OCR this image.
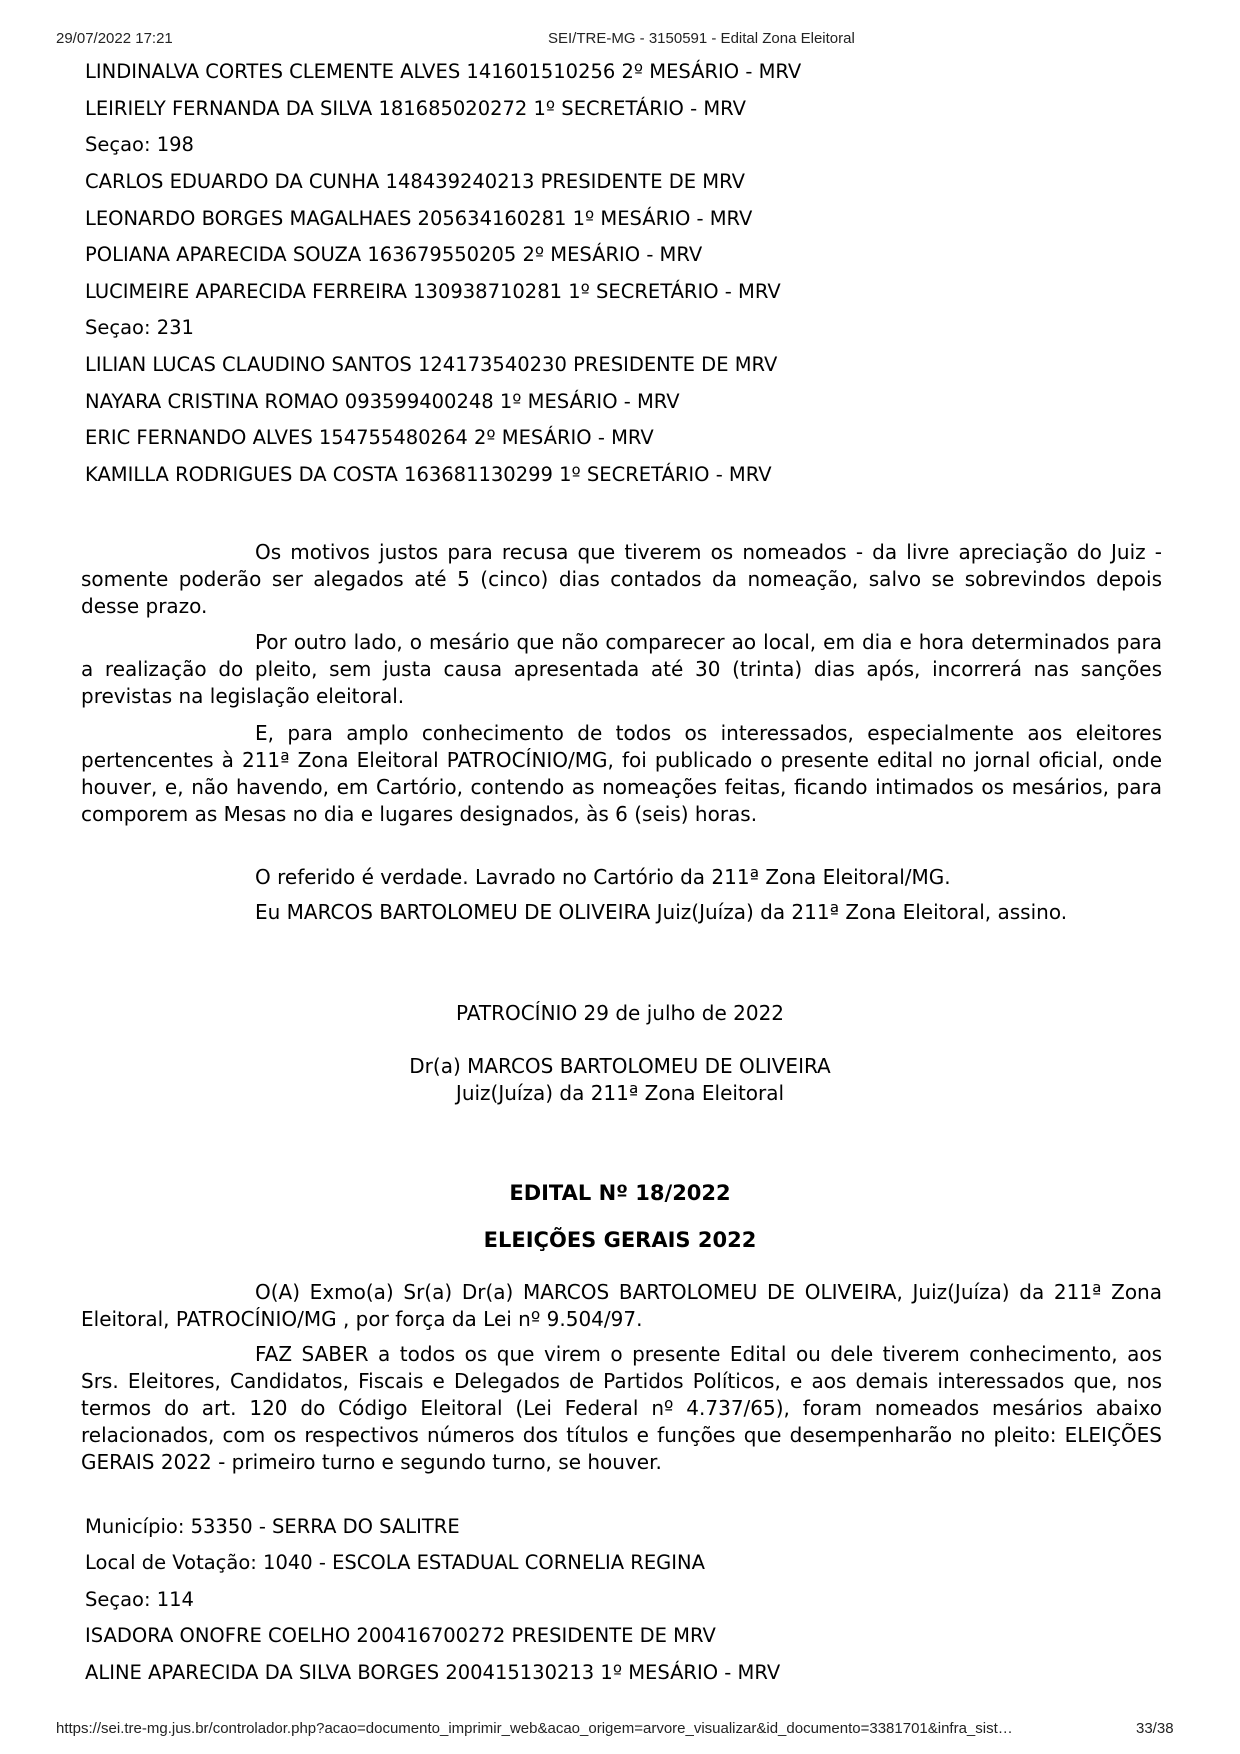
29/07/2022 17:21	SEI/TRE-MG - 3150591 - Edital Zona Eleitoral
LINDINALVA CORTES CLEMENTE ALVES 141601510256 2º MESÁRIO - MRV
LEIRIELY FERNANDA DA SILVA 181685020272 1º SECRETÁRIO - MRV
Seçao: 198
CARLOS EDUARDO DA CUNHA 148439240213 PRESIDENTE DE MRV
LEONARDO BORGES MAGALHAES 205634160281 1º MESÁRIO - MRV
POLIANA APARECIDA SOUZA 163679550205 2º MESÁRIO - MRV
LUCIMEIRE APARECIDA FERREIRA 130938710281 1º SECRETÁRIO - MRV
Seçao: 231
LILIAN LUCAS CLAUDINO SANTOS 124173540230 PRESIDENTE DE MRV
NAYARA CRISTINA ROMAO 093599400248 1º MESÁRIO - MRV
ERIC FERNANDO ALVES 154755480264 2º MESÁRIO - MRV
KAMILLA RODRIGUES DA COSTA 163681130299 1º SECRETÁRIO - MRV

Os motivos justos para recusa que tiverem os nomeados - da livre apreciação do Juiz - somente poderão ser alegados até 5 (cinco) dias contados da nomeação, salvo se sobrevindos depois desse prazo.

Por outro lado, o mesário que não comparecer ao local, em dia e hora determinados para a realização do pleito, sem justa causa apresentada até 30 (trinta) dias após, incorrerá nas sanções previstas na legislação eleitoral.

E, para amplo conhecimento de todos os interessados, especialmente aos eleitores pertencentes à 211ª Zona Eleitoral PATROCÍNIO/MG, foi publicado o presente edital no jornal oficial, onde houver, e, não havendo, em Cartório, contendo as nomeações feitas, ficando intimados os mesários, para comporem as Mesas no dia e lugares designados, às 6 (seis) horas.

O referido é verdade. Lavrado no Cartório da 211ª Zona Eleitoral/MG.

Eu MARCOS BARTOLOMEU DE OLIVEIRA Juiz(Juíza) da 211ª Zona Eleitoral, assino.

PATROCÍNIO 29 de julho de 2022
Dr(a) MARCOS BARTOLOMEU DE OLIVEIRA
Juiz(Juíza) da 211ª Zona Eleitoral
EDITAL Nº 18/2022
ELEIÇÕES GERAIS 2022

O(A) Exmo(a) Sr(a) Dr(a) MARCOS BARTOLOMEU DE OLIVEIRA, Juiz(Juíza) da 211ª Zona Eleitoral, PATROCÍNIO/MG , por força da Lei nº 9.504/97.

FAZ SABER a todos os que virem o presente Edital ou dele tiverem conhecimento, aos Srs. Eleitores, Candidatos, Fiscais e Delegados de Partidos Políticos, e aos demais interessados que, nos termos do art. 120 do Código Eleitoral (Lei Federal nº 4.737/65), foram nomeados mesários abaixo relacionados, com os respectivos números dos títulos e funções que desempenharão no pleito: ELEIÇÕES GERAIS 2022 - primeiro turno e segundo turno, se houver.

Município: 53350 - SERRA DO SALITRE
Local de Votação: 1040 - ESCOLA ESTADUAL CORNELIA REGINA
Seçao: 114
ISADORA ONOFRE COELHO 200416700272 PRESIDENTE DE MRV
ALINE APARECIDA DA SILVA BORGES 200415130213 1º MESÁRIO - MRV
https://sei.tre-mg.jus.br/controlador.php?acao=documento_imprimir_web&acao_origem=arvore_visualizar&id_documento=3381701&infra_sist…	33/38
